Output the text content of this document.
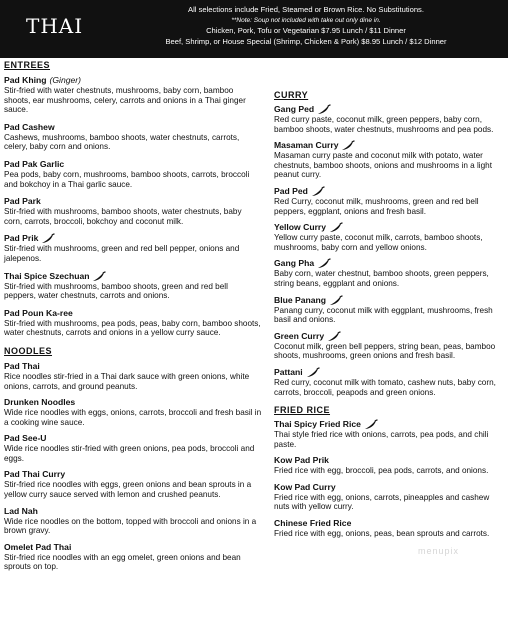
THAI
All selections include Fried, Steamed or Brown Rice. No Substitutions.
**Note: Soup not included with take out only dine in.
Chicken, Pork, Tofu or Vegetarian $7.95 Lunch / $11 Dinner
Beef, Shrimp, or House Special (Shrimp, Chicken & Pork) $8.95 Lunch / $12 Dinner
ENTREES
Pad Khing (Ginger)
Stir-fried with water chestnuts, mushrooms, baby corn, bamboo shoots, ear mushrooms, celery, carrots and onions in a Thai ginger sauce.
Pad Cashew
Cashews, mushrooms, bamboo shoots, water chestnuts, carrots, celery, baby corn and onions.
Pad Pak Garlic
Pea pods, baby corn, mushrooms, bamboo shoots, carrots, broccoli and bokchoy in a Thai garlic sauce.
Pad Park
Stir-fried with mushrooms, bamboo shoots, water chestnuts, baby corn, carrots, broccoli, bokchoy and coconut milk.
Pad Prik
Stir-fried with mushrooms, green and red bell pepper, onions and jalepenos.
Thai Spice Szechuan
Stir-fried with mushrooms, bamboo shoots, green and red bell peppers, water chestnuts, carrots and onions.
Pad Poun Ka-ree
Stir-fried with mushrooms, pea pods, peas, baby corn, bamboo shoots, water chestnuts, carrots and onions in a yellow curry sauce.
NOODLES
Pad Thai
Rice noodles stir-fried in a Thai dark sauce with green onions, white onions, carrots, and ground peanuts.
Drunken Noodles
Wide rice noodles with eggs, onions, carrots, broccoli and fresh basil in a cooking wine sauce.
Pad See-U
Wide rice noodles stir-fried with green onions, pea pods, broccoli and eggs.
Pad Thai Curry
Stir-fried rice noodles with eggs, green onions and bean sprouts in a yellow curry sauce served with lemon and crushed peanuts.
Lad Nah
Wide rice noodles on the bottom, topped with broccoli and onions in a brown gravy.
Omelet Pad Thai
Stir-fried rice noodles with an egg omelet, green onions and bean sprouts on top.
CURRY
Gang Ped
Red curry paste, coconut milk, green peppers, baby corn, bamboo shoots, water chestnuts, mushrooms and pea pods.
Masaman Curry
Masaman curry paste and coconut milk with potato, water chestnuts, bamboo shoots, onions and mushrooms in a light peanut curry.
Pad Ped
Red Curry, coconut milk, mushrooms, green and red bell peppers, eggplant, onions and fresh basil.
Yellow Curry
Yellow curry paste, coconut milk, carrots, bamboo shoots, mushrooms, baby corn and yellow onions.
Gang Pha
Baby corn, water chestnut, bamboo shoots, green peppers, string beans, eggplant and onions.
Blue Panang
Panang curry, coconut milk with eggplant, mushrooms, fresh basil and onions.
Green Curry
Coconut milk, green bell peppers, string bean, peas, bamboo shoots, mushrooms, green onions and fresh basil.
Pattani
Red curry, coconut milk with tomato, cashew nuts, baby corn, carrots, broccoli, peapods and green onions.
FRIED RICE
Thai Spicy Fried Rice
Thai style fried rice with onions, carrots, pea pods, and chili paste.
Kow Pad Prik
Fried rice with egg, broccoli, pea pods, carrots, and onions.
Kow Pad Curry
Fried rice with egg, onions, carrots, pineapples and cashew nuts with yellow curry.
Chinese Fried Rice
Fried rice with egg, onions, peas, bean sprouts and carrots.
menupix
